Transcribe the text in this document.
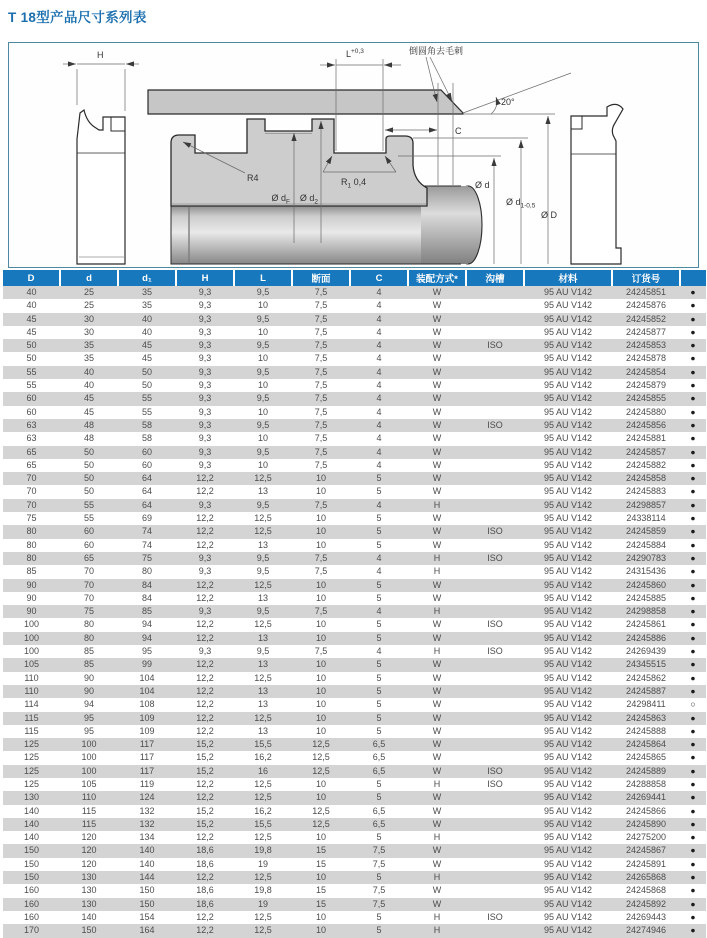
T 18型产品尺寸系列表
H	$L^{+0,3}$	倒圆角去毛刺
20°
C
R4	$R_1$ 0,4
Ø $d_F$ Ø $d_2$
Ø d
Ø $d_{1-0,5}$
Ø D
D	d	d₁	H	L	断面	C	装配方式*	沟槽	材料	订货号	
40	25	35	9,3	9,5	7,5	4	W		95 AU V142	24245851	●
40	25	35	9,3	10	7,5	4	W		95 AU V142	24245876	●
45	30	40	9,3	9,5	7,5	4	W		95 AU V142	24245852	●
45	30	40	9,3	10	7,5	4	W		95 AU V142	24245877	●
50	35	45	9,3	9,5	7,5	4	W	ISO	95 AU V142	24245853	●
50	35	45	9,3	10	7,5	4	W		95 AU V142	24245878	●
55	40	50	9,3	9,5	7,5	4	W		95 AU V142	24245854	●
55	40	50	9,3	10	7,5	4	W		95 AU V142	24245879	●
60	45	55	9,3	9,5	7,5	4	W		95 AU V142	24245855	●
60	45	55	9,3	10	7,5	4	W		95 AU V142	24245880	●
63	48	58	9,3	9,5	7,5	4	W	ISO	95 AU V142	24245856	●
63	48	58	9,3	10	7,5	4	W		95 AU V142	24245881	●
65	50	60	9,3	9,5	7,5	4	W		95 AU V142	24245857	●
65	50	60	9,3	10	7,5	4	W		95 AU V142	24245882	●
70	50	64	12,2	12,5	10	5	W		95 AU V142	24245858	●
70	50	64	12,2	13	10	5	W		95 AU V142	24245883	●
70	55	64	9,3	9,5	7,5	4	H		95 AU V142	24298857	●
75	55	69	12,2	12,5	10	5	W		95 AU V142	24338114	●
80	60	74	12,2	12,5	10	5	W	ISO	95 AU V142	24245859	●
80	60	74	12,2	13	10	5	W		95 AU V142	24245884	●
80	65	75	9,3	9,5	7,5	4	H	ISO	95 AU V142	24290783	●
85	70	80	9,3	9,5	7,5	4	H		95 AU V142	24315436	●
90	70	84	12,2	12,5	10	5	W		95 AU V142	24245860	●
90	70	84	12,2	13	10	5	W		95 AU V142	24245885	●
90	75	85	9,3	9,5	7,5	4	H		95 AU V142	24298858	●
100	80	94	12,2	12,5	10	5	W	ISO	95 AU V142	24245861	●
100	80	94	12,2	13	10	5	W		95 AU V142	24245886	●
100	85	95	9,3	9,5	7,5	4	H	ISO	95 AU V142	24269439	●
105	85	99	12,2	13	10	5	W		95 AU V142	24345515	●
110	90	104	12,2	12,5	10	5	W		95 AU V142	24245862	●
110	90	104	12,2	13	10	5	W		95 AU V142	24245887	●
114	94	108	12,2	13	10	5	W		95 AU V142	24298411	○
115	95	109	12,2	12,5	10	5	W		95 AU V142	24245863	●
115	95	109	12,2	13	10	5	W		95 AU V142	24245888	●
125	100	117	15,2	15,5	12,5	6,5	W		95 AU V142	24245864	●
125	100	117	15,2	16,2	12,5	6,5	W		95 AU V142	24245865	●
125	100	117	15,2	16	12,5	6,5	W	ISO	95 AU V142	24245889	●
125	105	119	12,2	12,5	10	5	H	ISO	95 AU V142	24288858	●
130	110	124	12,2	12,5	10	5	W		95 AU V142	24269441	●
140	115	132	15,2	16,2	12,5	6,5	W		95 AU V142	24245866	●
140	115	132	15,2	15,5	12,5	6,5	W		95 AU V142	24245890	●
140	120	134	12,2	12,5	10	5	H		95 AU V142	24275200	●
150	120	140	18,6	19,8	15	7,5	W		95 AU V142	24245867	●
150	120	140	18,6	19	15	7,5	W		95 AU V142	24245891	●
150	130	144	12,2	12,5	10	5	H		95 AU V142	24265868	●
160	130	150	18,6	19,8	15	7,5	W		95 AU V142	24245868	●
160	130	150	18,6	19	15	7,5	W		95 AU V142	24245892	●
160	140	154	12,2	12,5	10	5	H	ISO	95 AU V142	24269443	●
170	150	164	12,2	12,5	10	5	H		95 AU V142	24274946	●
